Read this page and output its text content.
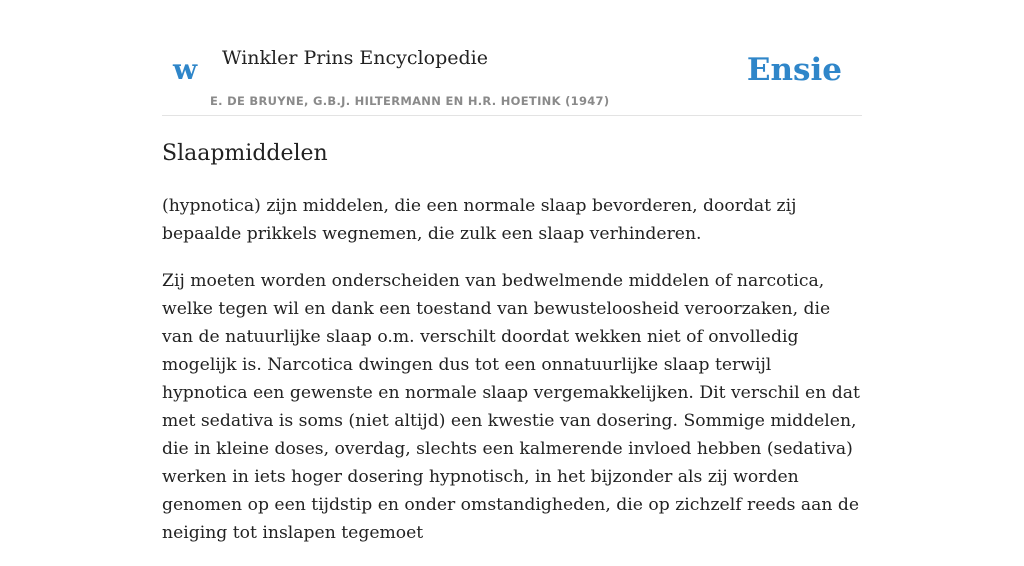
w Winkler Prins Encyclopedie
E. DE BRUYNE, G.B.J. HILTERMANN EN H.R. HOETINK (1947)
Ensie
Slaapmiddelen

(hypnotica) zijn middelen, die een normale slaap bevorderen, doordat zij bepaalde prikkels wegnemen, die zulk een slaap verhinderen.

Zij moeten worden onderscheiden van bedwelmende middelen of narcotica, welke tegen wil en dank een toestand van bewusteloosheid veroorzaken, die van de natuurlijke slaap o.m. verschilt doordat wekken niet of onvolledig mogelijk is. Narcotica dwingen dus tot een onnatuurlijke slaap terwijl hypnotica een gewenste en normale slaap vergemakkelijken. Dit verschil en dat met sedativa is soms (niet altijd) een kwestie van dosering. Sommige middelen, die in kleine doses, overdag, slechts een kalmerende invloed hebben (sedativa) werken in iets hoger dosering hypnotisch, in het bijzonder als zij worden genomen op een tijdstip en onder omstandigheden, die op zichzelf reeds aan de neiging tot inslapen tegemoet
